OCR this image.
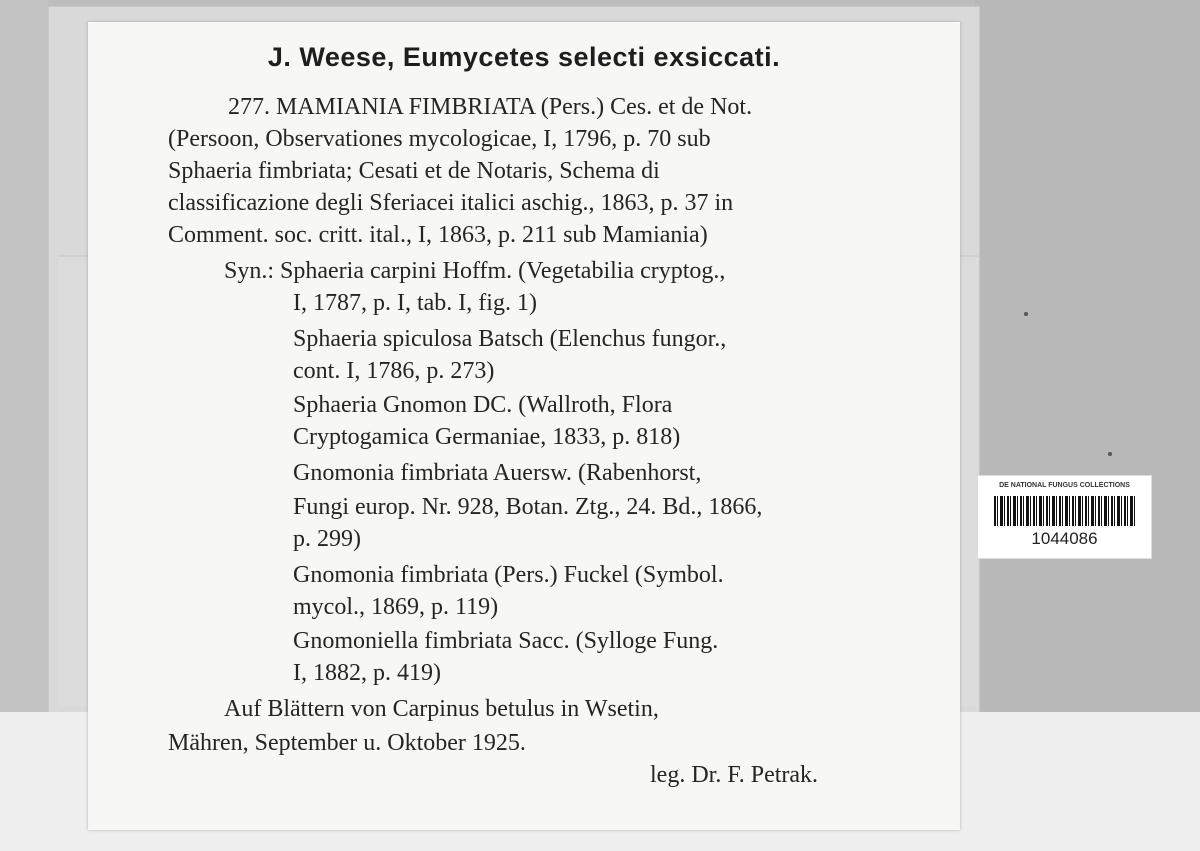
J. Weese, Eumycetes selecti exsiccati.
277. MAMIANIA FIMBRIATA (Pers.) Ces. et de Not.
(Persoon, Observationes mycologicae, I, 1796, p. 70 sub
Sphaeria fimbriata; Cesati et de Notaris, Schema di
classificazione degli Sferiacei italici aschig., 1863, p. 37 in
Comment. soc. critt. ital., I, 1863, p. 211 sub Mamiania)
Syn.: Sphaeria carpini Hoffm. (Vegetabilia cryptog.,
I, 1787, p. I, tab. I, fig. 1)
Sphaeria spiculosa Batsch (Elenchus fungor.,
cont. I, 1786, p. 273)
Sphaeria Gnomon DC. (Wallroth, Flora
Cryptogamica Germaniae, 1833, p. 818)
Gnomonia fimbriata Auersw. (Rabenhorst,
Fungi europ. Nr. 928, Botan. Ztg., 24. Bd., 1866,
p. 299)
Gnomonia fimbriata (Pers.) Fuckel (Symbol.
mycol., 1869, p. 119)
Gnomoniella fimbriata Sacc. (Sylloge Fung.
I, 1882, p. 419)
Auf Blättern von Carpinus betulus in Wsetin,
Mähren, September u. Oktober 1925.
leg. Dr. F. Petrak.
DE NATIONAL FUNGUS COLLECTIONS
1044086
